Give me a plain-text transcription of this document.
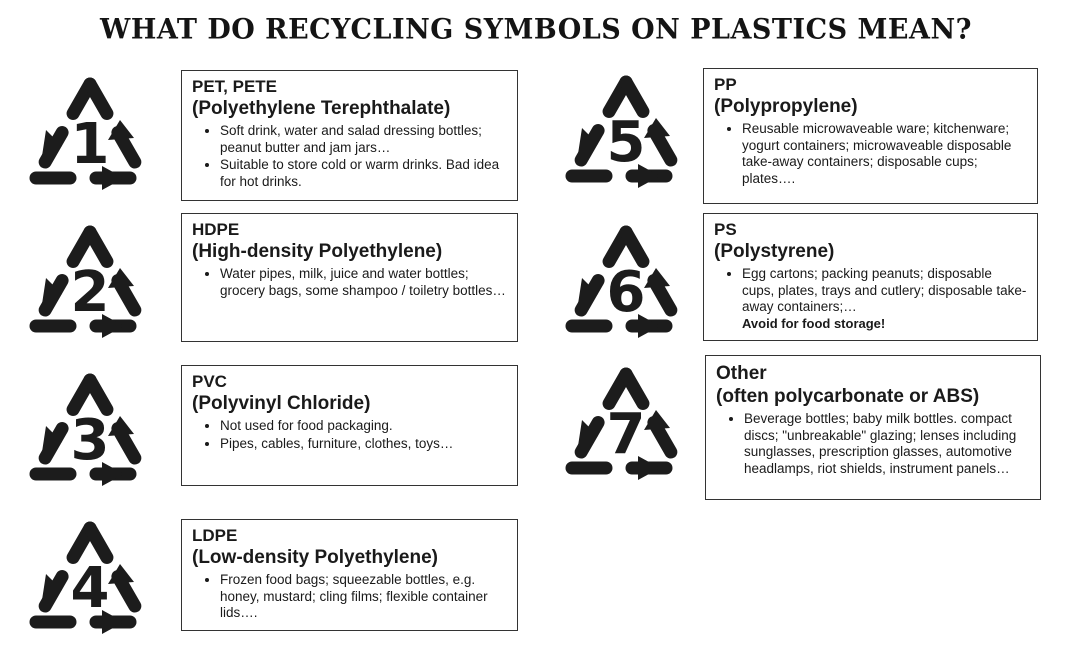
WHAT DO RECYCLING SYMBOLS ON PLASTICS MEAN?
1
PET, PETE
(Polyethylene Terephthalate)
• Soft drink, water and salad dressing bottles; peanut butter and jam jars…
• Suitable to store cold or warm drinks. Bad idea for hot drinks.
2
HDPE
(High-density Polyethylene)
• Water pipes, milk, juice and water bottles; grocery bags, some shampoo / toiletry bottles…
3
PVC
(Polyvinyl Chloride)
• Not used for food packaging.
• Pipes, cables, furniture, clothes, toys…
4
LDPE
(Low-density Polyethylene)
• Frozen food bags; squeezable bottles, e.g. honey, mustard; cling films; flexible container lids….
5
PP
(Polypropylene)
• Reusable microwaveable ware; kitchenware; yogurt containers; microwaveable disposable take-away containers; disposable cups; plates….
6
PS
(Polystyrene)
• Egg cartons; packing peanuts; disposable cups, plates, trays and cutlery; disposable take-away containers;…
Avoid for food storage!
7
Other
(often polycarbonate or ABS)
• Beverage bottles; baby milk bottles. compact discs; "unbreakable" glazing; lenses including sunglasses, prescription glasses, automotive headlamps, riot shields, instrument panels…
